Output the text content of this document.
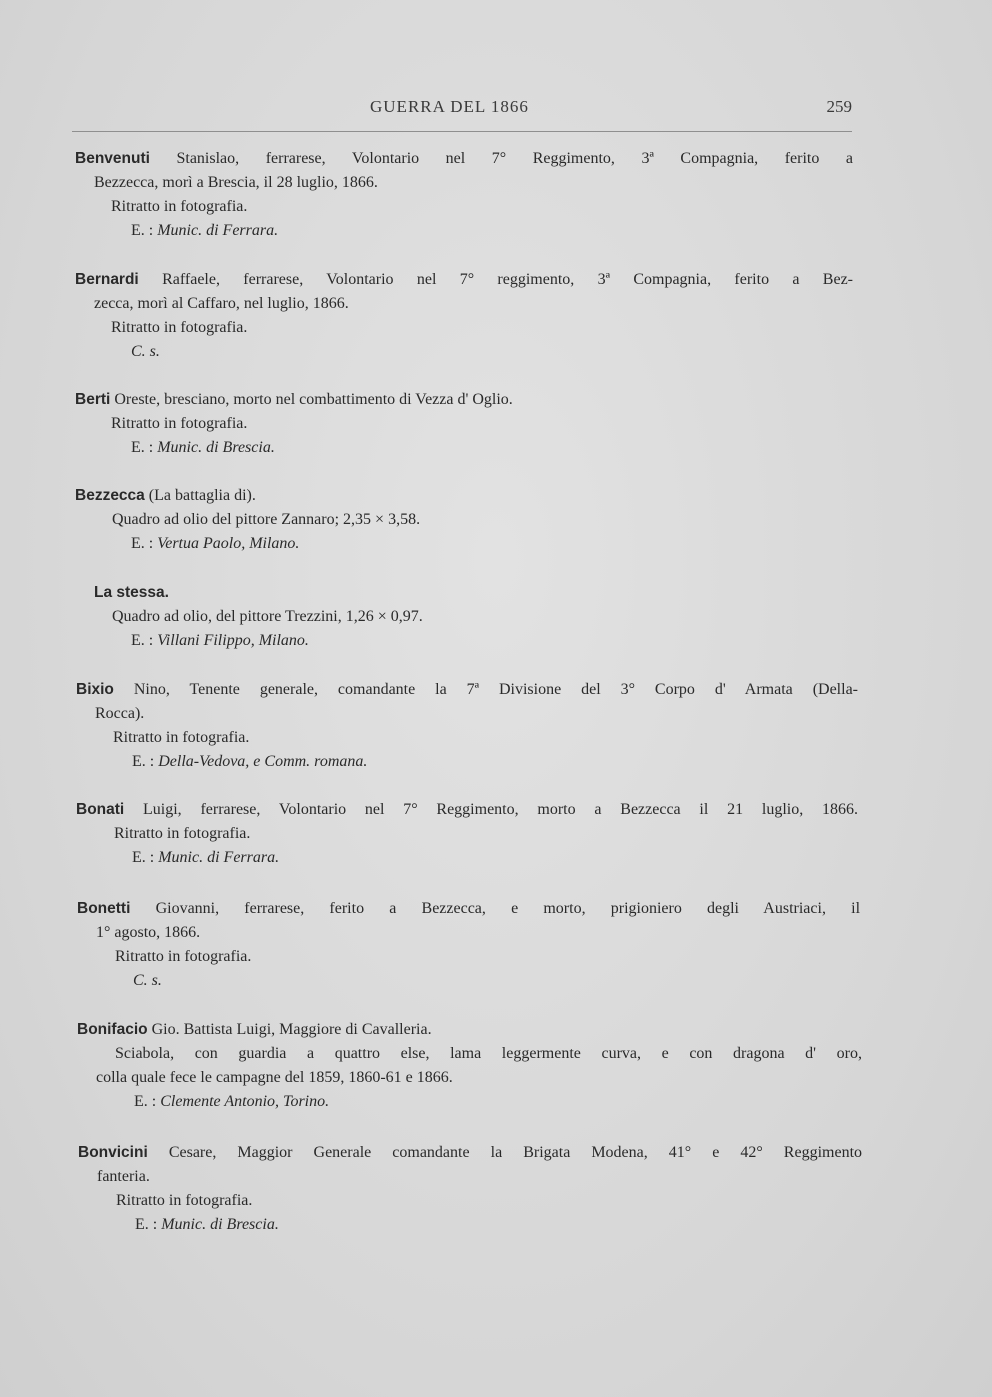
GUERRA DEL 1866	259
Benvenuti Stanislao, ferrarese, Volontario nel 7° Reggimento, 3ª Compagnia, ferito a
Bezzecca, morì a Brescia, il 28 luglio, 1866.
Ritratto in fotografia.
E. : Munic. di Ferrara.
Bernardi Raffaele, ferrarese, Volontario nel 7° reggimento, 3ª Compagnia, ferito a Bez-
zecca, morì al Caffaro, nel luglio, 1866.
Ritratto in fotografia.
C. s.
Berti Oreste, bresciano, morto nel combattimento di Vezza d' Oglio.
Ritratto in fotografia.
E. : Munic. di Brescia.
Bezzecca (La battaglia di).
Quadro ad olio del pittore Zannaro; 2,35 × 3,58.
E. : Vertua Paolo, Milano.
La stessa.
Quadro ad olio, del pittore Trezzini, 1,26 × 0,97.
E. : Villani Filippo, Milano.
Bixio Nino, Tenente generale, comandante la 7ª Divisione del 3° Corpo d' Armata (Della-
Rocca).
Ritratto in fotografia.
E. : Della-Vedova, e Comm. romana.
Bonati Luigi, ferrarese, Volontario nel 7° Reggimento, morto a Bezzecca il 21 luglio, 1866.
Ritratto in fotografia.
E. : Munic. di Ferrara.
Bonetti Giovanni, ferrarese, ferito a Bezzecca, e morto, prigioniero degli Austriaci, il
1° agosto, 1866.
Ritratto in fotografia.
C. s.
Bonifacio Gio. Battista Luigi, Maggiore di Cavalleria.
Sciabola, con guardia a quattro else, lama leggermente curva, e con dragona d' oro,
colla quale fece le campagne del 1859, 1860-61 e 1866.
E. : Clemente Antonio, Torino.
Bonvicini Cesare, Maggior Generale comandante la Brigata Modena, 41° e 42° Reggimento
fanteria.
Ritratto in fotografia.
E. : Munic. di Brescia.
